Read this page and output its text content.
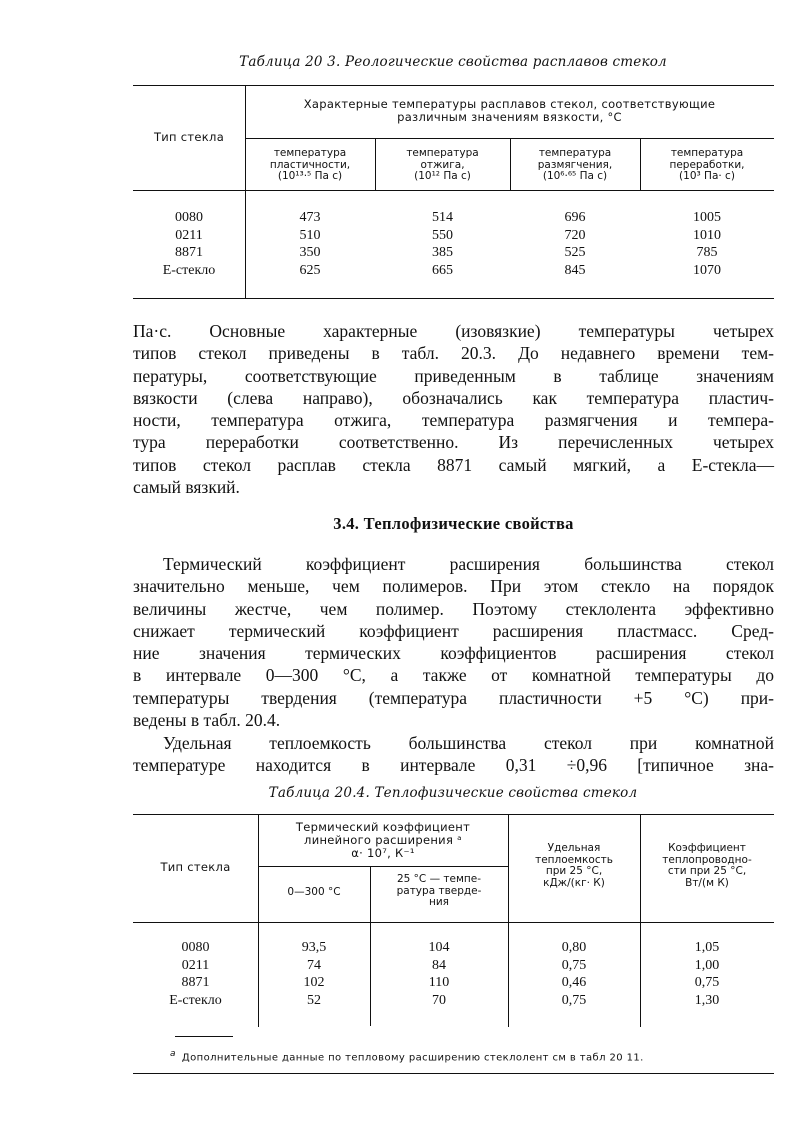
Таблица 20 3. Реологические свойства расплавов стекол
Тип стекла
Характерные температуры расплавов стекол, соответствующие
различным значениям вязкости, °С
температура
пластичности,
(10¹³·⁵ Па с)
температура
отжига,
(10¹² Па с)
температура
размягчения,
(10⁶·⁶⁵ Па с)
температура
переработки,
(10³ Па· с)
0080
0211
8871
Е-стекло
473
510
350
625
514
550
385
665
696
720
525
845
1005
1010
785
1070
Па·с. Основные характерные (изовязкие) температуры четырех
типов стекол приведены в табл. 20.3. До недавнего времени тем-
пературы, соответствующие приведенным в таблице значениям
вязкости (слева направо), обозначались как температура пластич-
ности, температура отжига, температура размягчения и темпера-
тура переработки соответственно. Из перечисленных четырех
типов стекол расплав стекла 8871 самый мягкий, а Е-стекла—
самый вязкий.
3.4. Теплофизические свойства
Термический коэффициент расширения большинства стекол
значительно меньше, чем полимеров. При этом стекло на порядок
величины жестче, чем полимер. Поэтому стеклолента эффективно
снижает термический коэффициент расширения пластмасс. Сред-
ние значения термических коэффициентов расширения стекол
в интервале 0—300 °С, а также от комнатной температуры до
температуры твердения (температура пластичности +5 °С) при-
ведены в табл. 20.4.
Удельная теплоемкость большинства стекол при комнатной
температуре находится в интервале 0,31 ÷0,96 [типичное зна-
Таблица 20.4. Теплофизические свойства стекол
Тип стекла
Термический коэффициент
линейного расширения ᵃ
α· 10⁷, К⁻¹
0—300 °С
25 °С — темпе-
ратура тверде-
ния
Удельная
теплоемкость
при 25 °С,
кДж/(кг· К)
Коэффициент
теплопроводно-
сти при 25 °С,
Вт/(м К)
0080
0211
8871
Е-стекло
93,5
74
102
52
104
84
110
70
0,80
0,75
0,46
0,75
1,05
1,00
0,75
1,30
a Дополнительные данные по тепловому расширению стеклолент см в табл 20 11.
